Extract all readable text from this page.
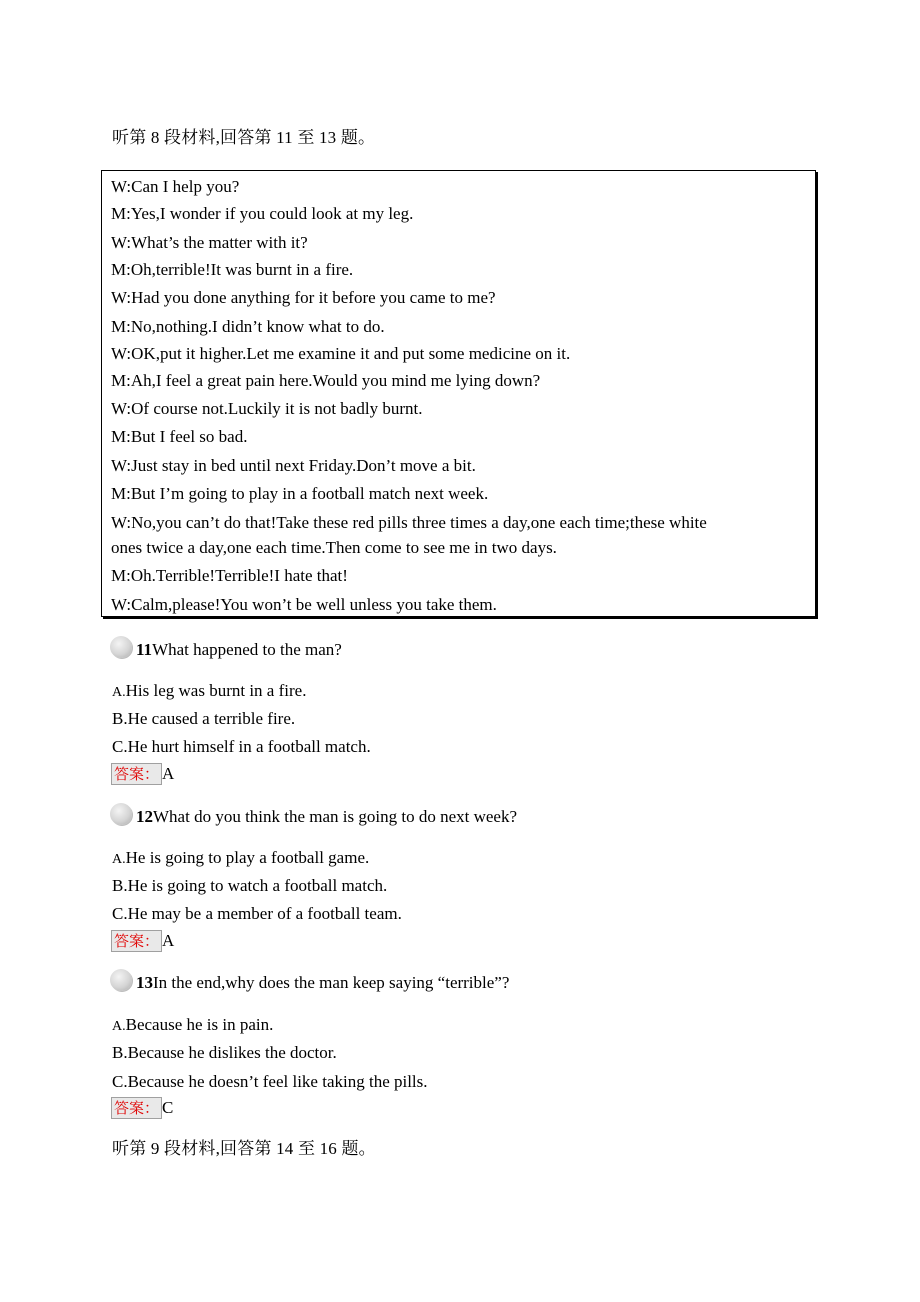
听第 8 段材料,回答第 11 至 13 题。
W:Can I help you?
M:Yes,I wonder if you could look at my leg.
W:What’s the matter with it?
M:Oh,terrible!It was burnt in a fire.
W:Had you done anything for it before you came to me?
M:No,nothing.I didn’t know what to do.
W:OK,put it higher.Let me examine it and put some medicine on it.
M:Ah,I feel a great pain here.Would you mind me lying down?
W:Of course not.Luckily it is not badly burnt.
M:But I feel so bad.
W:Just stay in bed until next Friday.Don’t move a bit.
M:But I’m going to play in a football match next week.
W:No,you can’t do that!Take these red pills three times a day,one each time;these white
ones twice a day,one each time.Then come to see me in two days.
M:Oh.Terrible!Terrible!I hate that!
W:Calm,please!You won’t be well unless you take them.
11 What happened to the man?
A.His leg was burnt in a fire.
B.He caused a terrible fire.
C.He hurt himself in a football match.
答案： A
12 What do you think the man is going to do next week?
A.He is going to play a football game.
B.He is going to watch a football match.
C.He may be a member of a football team.
答案： A
13 In the end,why does the man keep saying “terrible”?
A.Because he is in pain.
B.Because he dislikes the doctor.
C.Because he doesn’t feel like taking the pills.
答案： C
听第 9 段材料,回答第 14 至 16 题。
